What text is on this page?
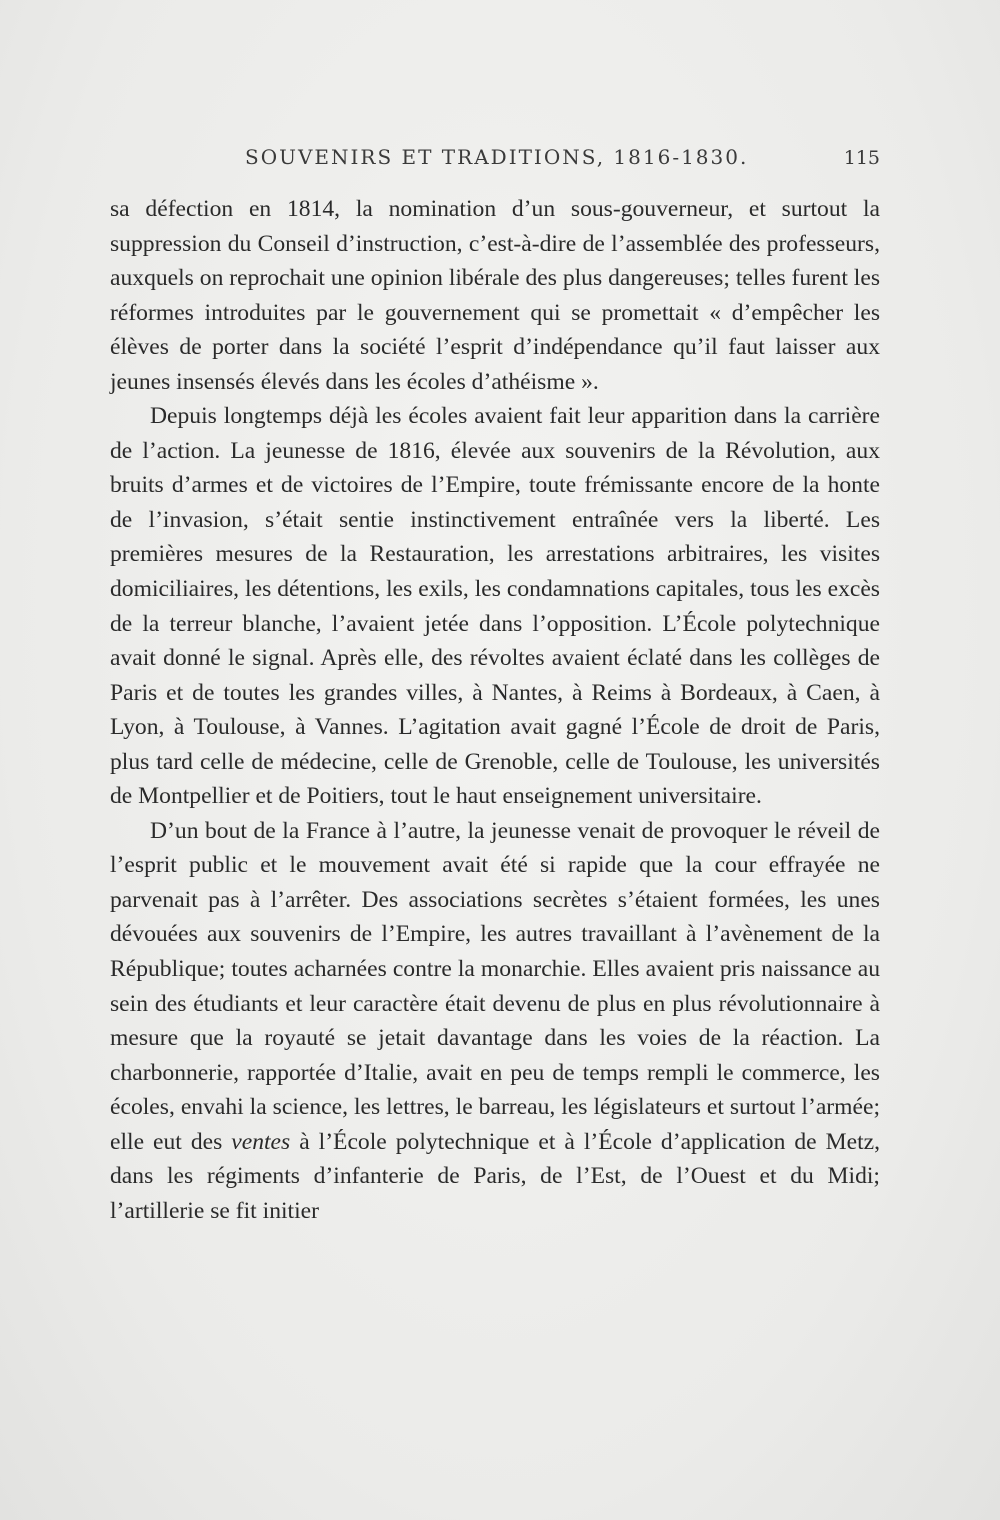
SOUVENIRS ET TRADITIONS, 1816-1830.	115

sa défection en 1814, la nomination d’un sous-gouverneur, et surtout la suppression du Conseil d’instruction, c’est-à-dire de l’assemblée des professeurs, auxquels on reprochait une opinion libérale des plus dangereuses; telles furent les réformes introduites par le gouvernement qui se promettait « d’empêcher les élèves de porter dans la société l’esprit d’indépendance qu’il faut laisser aux jeunes insensés élevés dans les écoles d’athéisme ».

Depuis longtemps déjà les écoles avaient fait leur apparition dans la carrière de l’action. La jeunesse de 1816, élevée aux souvenirs de la Révolution, aux bruits d’armes et de victoires de l’Empire, toute frémissante encore de la honte de l’invasion, s’était sentie instinctivement entraînée vers la liberté. Les premières mesures de la Restauration, les arrestations arbitraires, les visites domiciliaires, les détentions, les exils, les condamnations capitales, tous les excès de la terreur blanche, l’avaient jetée dans l’opposition. L’École polytechnique avait donné le signal. Après elle, des révoltes avaient éclaté dans les collèges de Paris et de toutes les grandes villes, à Nantes, à Reims à Bordeaux, à Caen, à Lyon, à Toulouse, à Vannes. L’agitation avait gagné l’École de droit de Paris, plus tard celle de médecine, celle de Grenoble, celle de Toulouse, les universités de Montpellier et de Poitiers, tout le haut enseignement universitaire.

D’un bout de la France à l’autre, la jeunesse venait de provoquer le réveil de l’esprit public et le mouvement avait été si rapide que la cour effrayée ne parvenait pas à l’arrêter. Des associations secrètes s’étaient formées, les unes dévouées aux souvenirs de l’Empire, les autres travaillant à l’avènement de la République; toutes acharnées contre la monarchie. Elles avaient pris naissance au sein des étudiants et leur caractère était devenu de plus en plus révolutionnaire à mesure que la royauté se jetait davantage dans les voies de la réaction. La charbonnerie, rapportée d’Italie, avait en peu de temps rempli le commerce, les écoles, envahi la science, les lettres, le barreau, les législateurs et surtout l’armée; elle eut des ventes à l’École polytechnique et à l’École d’application de Metz, dans les régiments d’infanterie de Paris, de l’Est, de l’Ouest et du Midi; l’artillerie se fit initier
